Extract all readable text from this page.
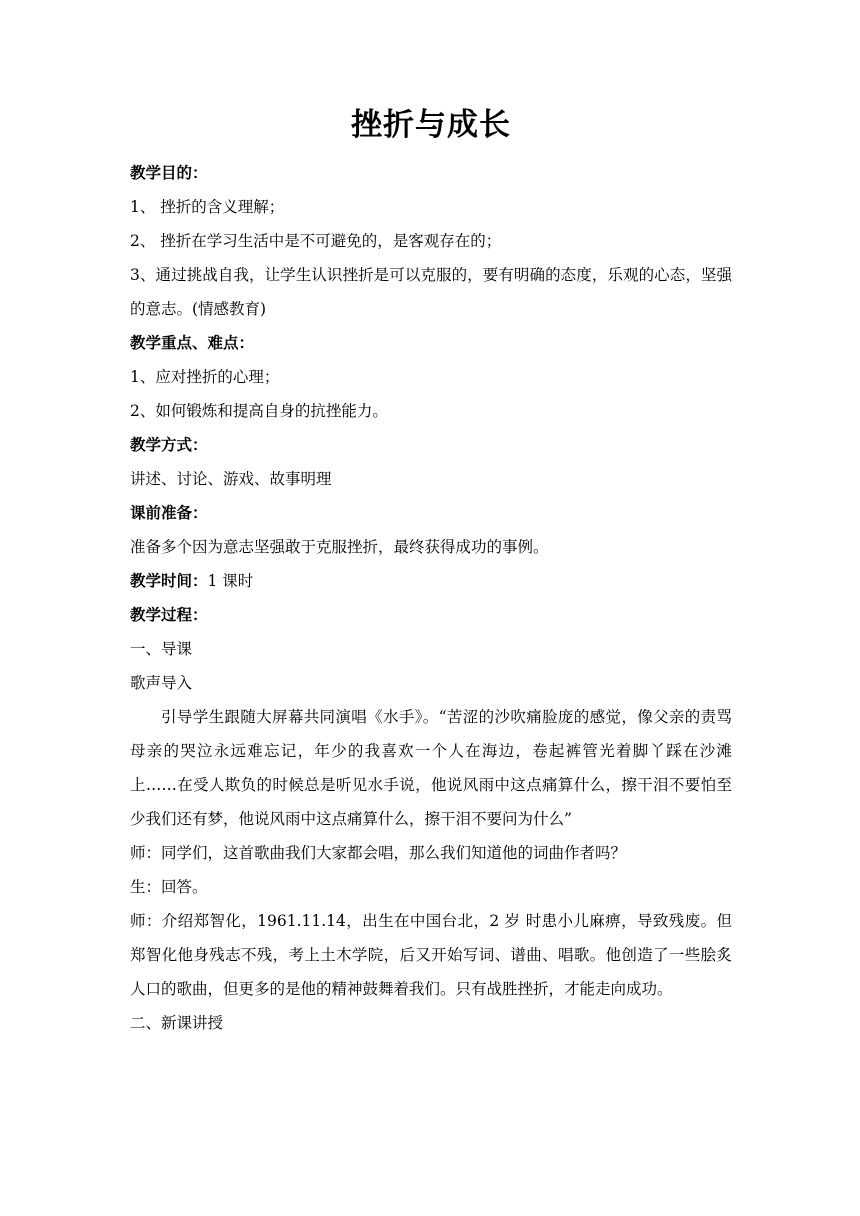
挫折与成长

教学目的：

1、 挫折的含义理解；

2、 挫折在学习生活中是不可避免的，是客观存在的；

3、通过挑战自我，让学生认识挫折是可以克服的，要有明确的态度，乐观的心态，坚强的意志。(情感教育)

教学重点、难点：

1、应对挫折的心理；

2、如何锻炼和提高自身的抗挫能力。

教学方式：

讲述、讨论、游戏、故事明理

课前准备：

准备多个因为意志坚强敢于克服挫折，最终获得成功的事例。

教学时间：1 课时

教学过程：

一、导课

歌声导入

引导学生跟随大屏幕共同演唱《水手》。“苦涩的沙吹痛脸庞的感觉，像父亲的责骂母亲的哭泣永远难忘记，年少的我喜欢一个人在海边，卷起裤管光着脚丫踩在沙滩上……在受人欺负的时候总是听见水手说，他说风雨中这点痛算什么，擦干泪不要怕至少我们还有梦，他说风雨中这点痛算什么，擦干泪不要问为什么”

师：同学们，这首歌曲我们大家都会唱，那么我们知道他的词曲作者吗？

生：回答。

师：介绍郑智化，1961.11.14，出生在中国台北，2 岁 时患小儿麻痹，导致残废。但郑智化他身残志不残，考上土木学院，后又开始写词、谱曲、唱歌。他创造了一些脍炙人口的歌曲，但更多的是他的精神鼓舞着我们。只有战胜挫折，才能走向成功。

二、新课讲授
